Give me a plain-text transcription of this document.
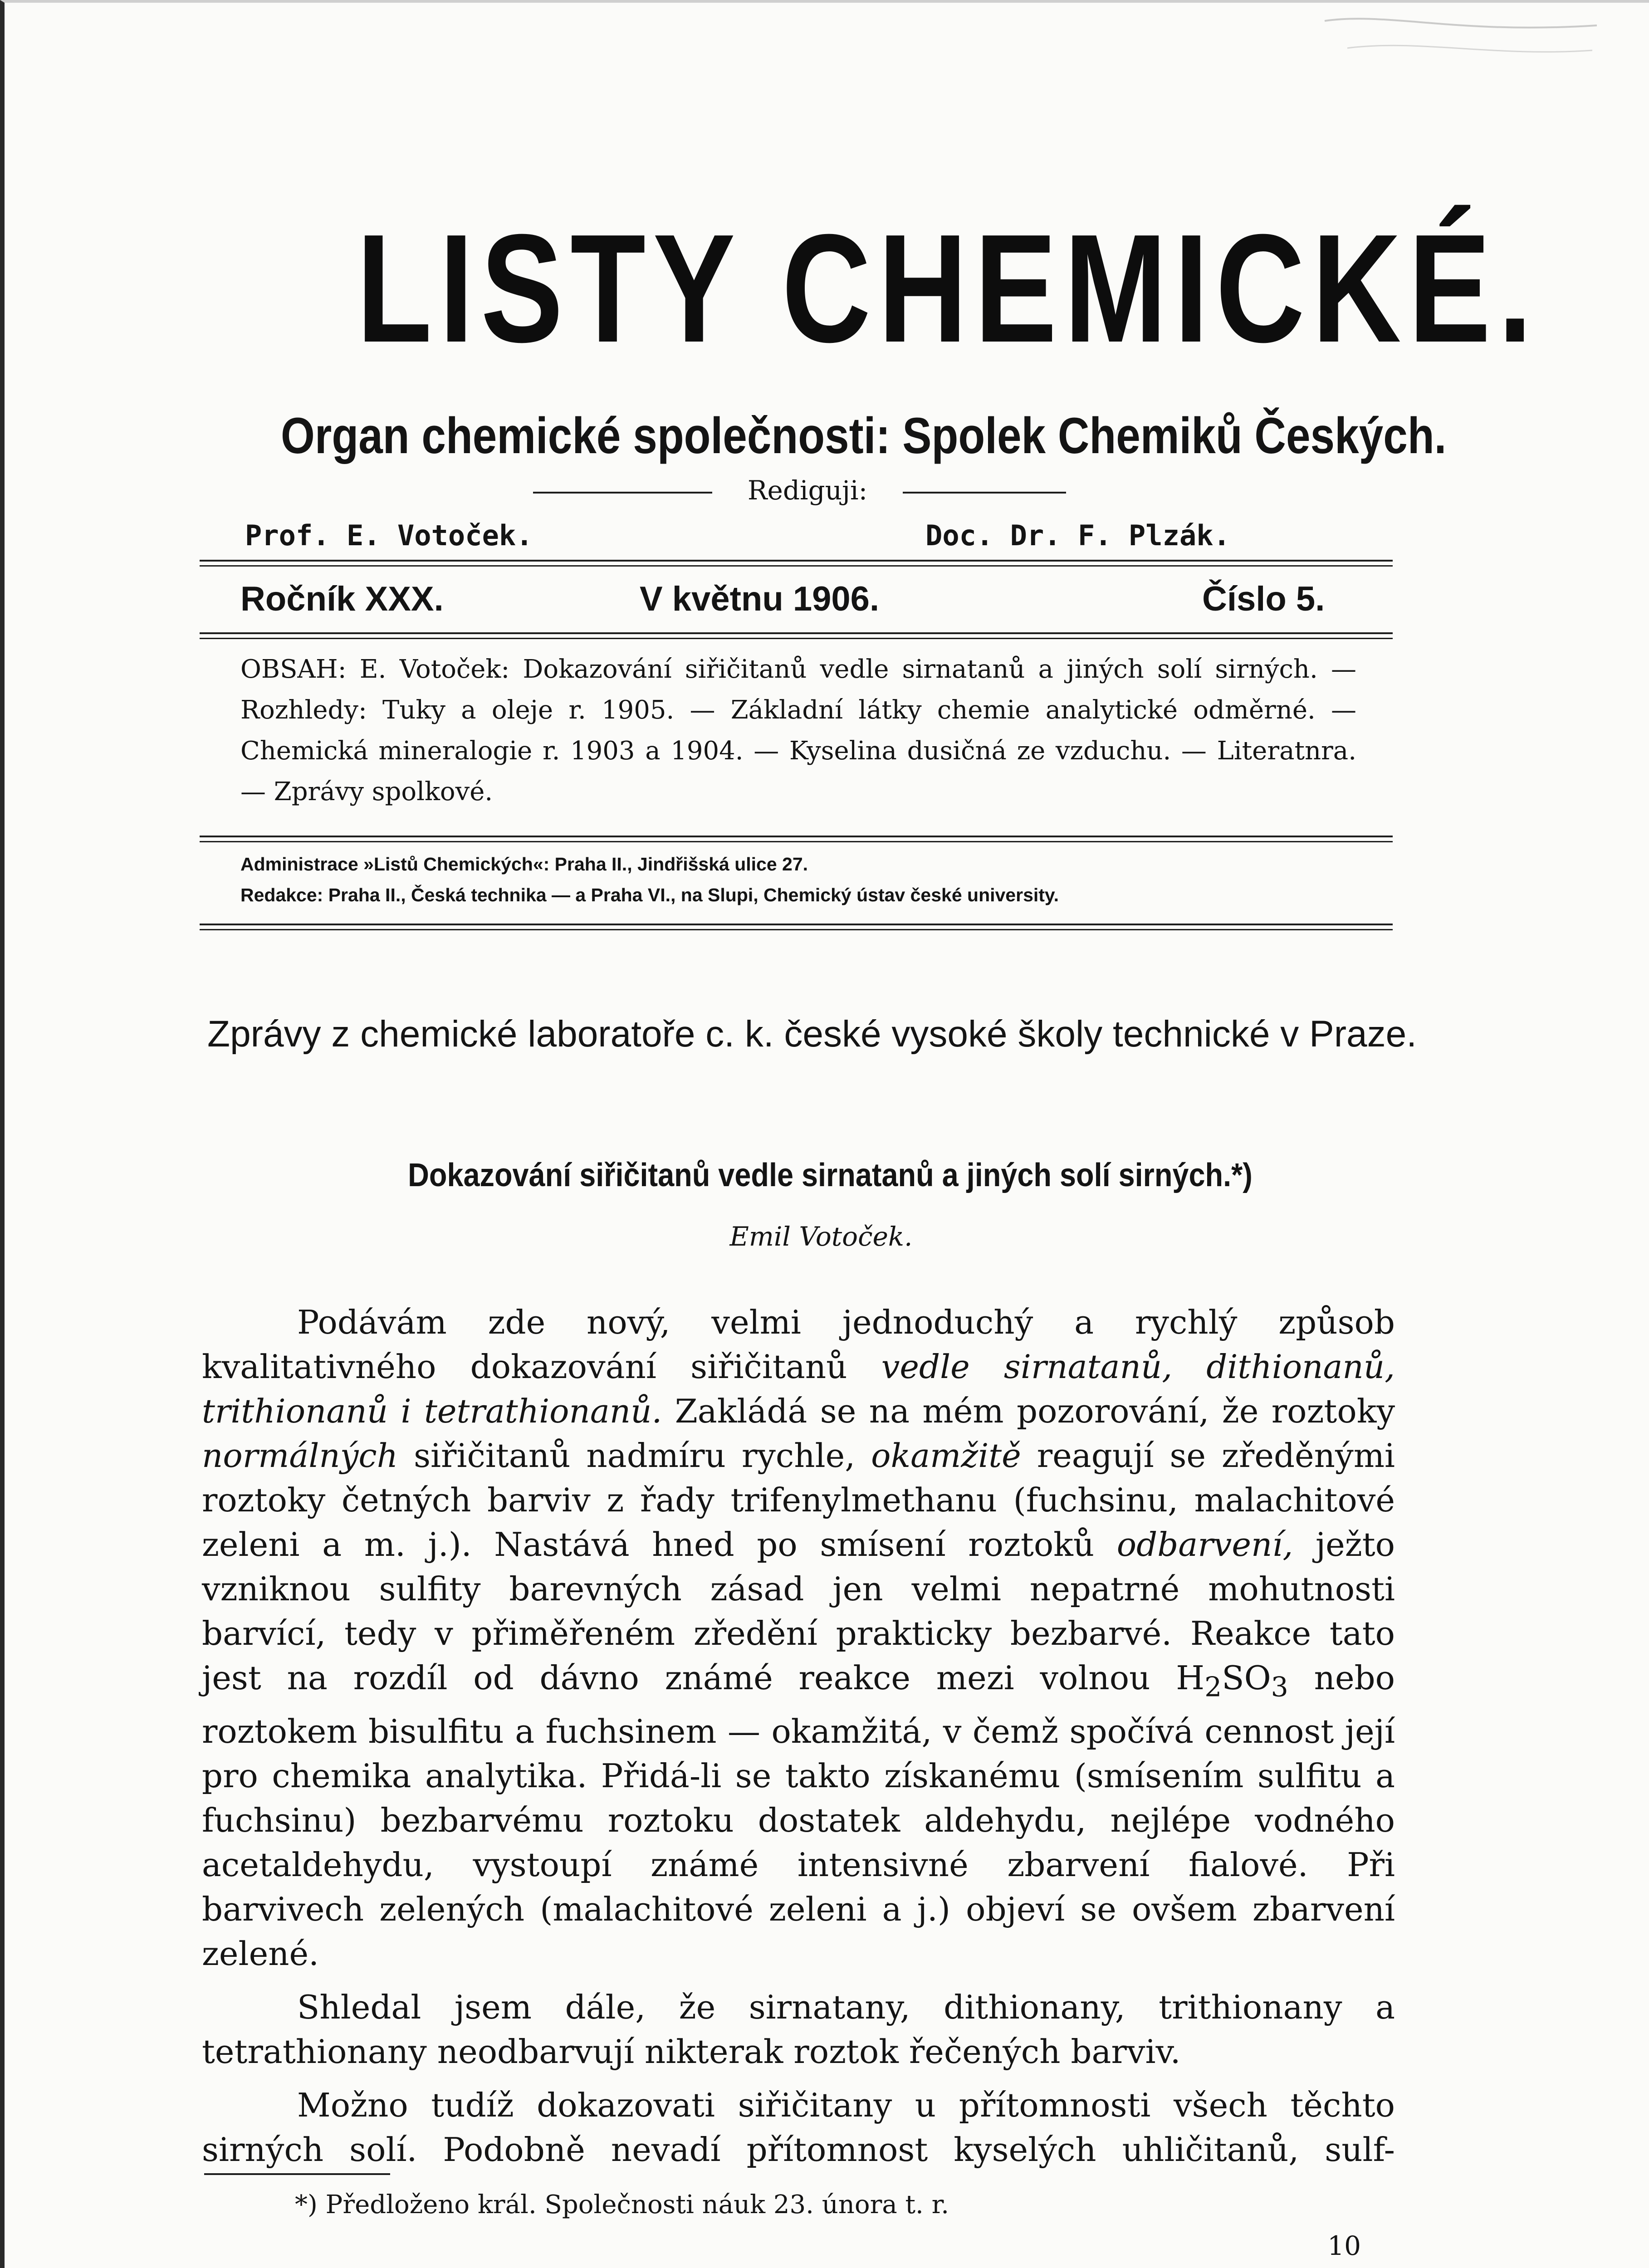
LISTY CHEMICKÉ.
Organ chemické společnosti: Spolek Chemiků Českých.
Rediguji:
Prof. E. Votoček.	Doc. Dr. F. Plzák.
Ročník XXX.	V květnu 1906.	Číslo 5.
OBSAH: E. Votoček: Dokazování siřičitanů vedle sirnatanů a jiných solí sirných. — Rozhledy: Tuky a oleje r. 1905. — Základní látky chemie analytické odměrné. — Chemická mineralogie r. 1903 a 1904. — Kyselina dusičná ze vzduchu. — Literatnra. — Zprávy spolkové.
Administrace »Listů Chemických«: Praha II., Jindřišská ulice 27.
Redakce: Praha II., Česká technika — a Praha VI., na Slupi, Chemický ústav české university.
Zprávy z chemické laboratoře c. k. české vysoké školy technické v Praze.
Dokazování siřičitanů vedle sirnatanů a jiných solí sirných.*)
Emil Votoček.

Podávám zde nový, velmi jednoduchý a rychlý způsob kvalitativného dokazování siřičitanů vedle sirnatanů, dithionanů, trithionanů i tetrathionanů. Zakládá se na mém pozorování, že roztoky normálných siřičitanů nadmíru rychle, okamžitě reagují se zředěnými roztoky četných barviv z řady trifenylmethanu (fuchsinu, malachitové zeleni a m. j.). Nastává hned po smísení roztoků odbarvení, ježto vzniknou sulfity barevných zásad jen velmi nepatrné mohutnosti barvící, tedy v přiměřeném zředění prakticky bezbarvé. Reakce tato jest na rozdíl od dávno známé reakce mezi volnou $H_2SO_3$ nebo roztokem bisulfitu a fuchsinem — okamžitá, v čemž spočívá cennost její pro chemika analytika. Přidá-li se takto získanému (smísením sulfitu a fuchsinu) bezbarvému roztoku dostatek aldehydu, nejlépe vodného acetaldehydu, vystoupí známé intensivné zbarvení fialové. Při barvivech zelených (malachitové zeleni a j.) objeví se ovšem zbarvení zelené.

Shledal jsem dále, že sirnatany, dithionany, trithionany a tetrathionany neodbarvují nikterak roztok řečených barviv.

Možno tudíž dokazovati siřičitany u přítomnosti všech těchto sirných solí. Podobně nevadí přítomnost kyselých uhličitanů, sulf-

*) Předloženo král. Společnosti náuk 23. února t. r.
10
